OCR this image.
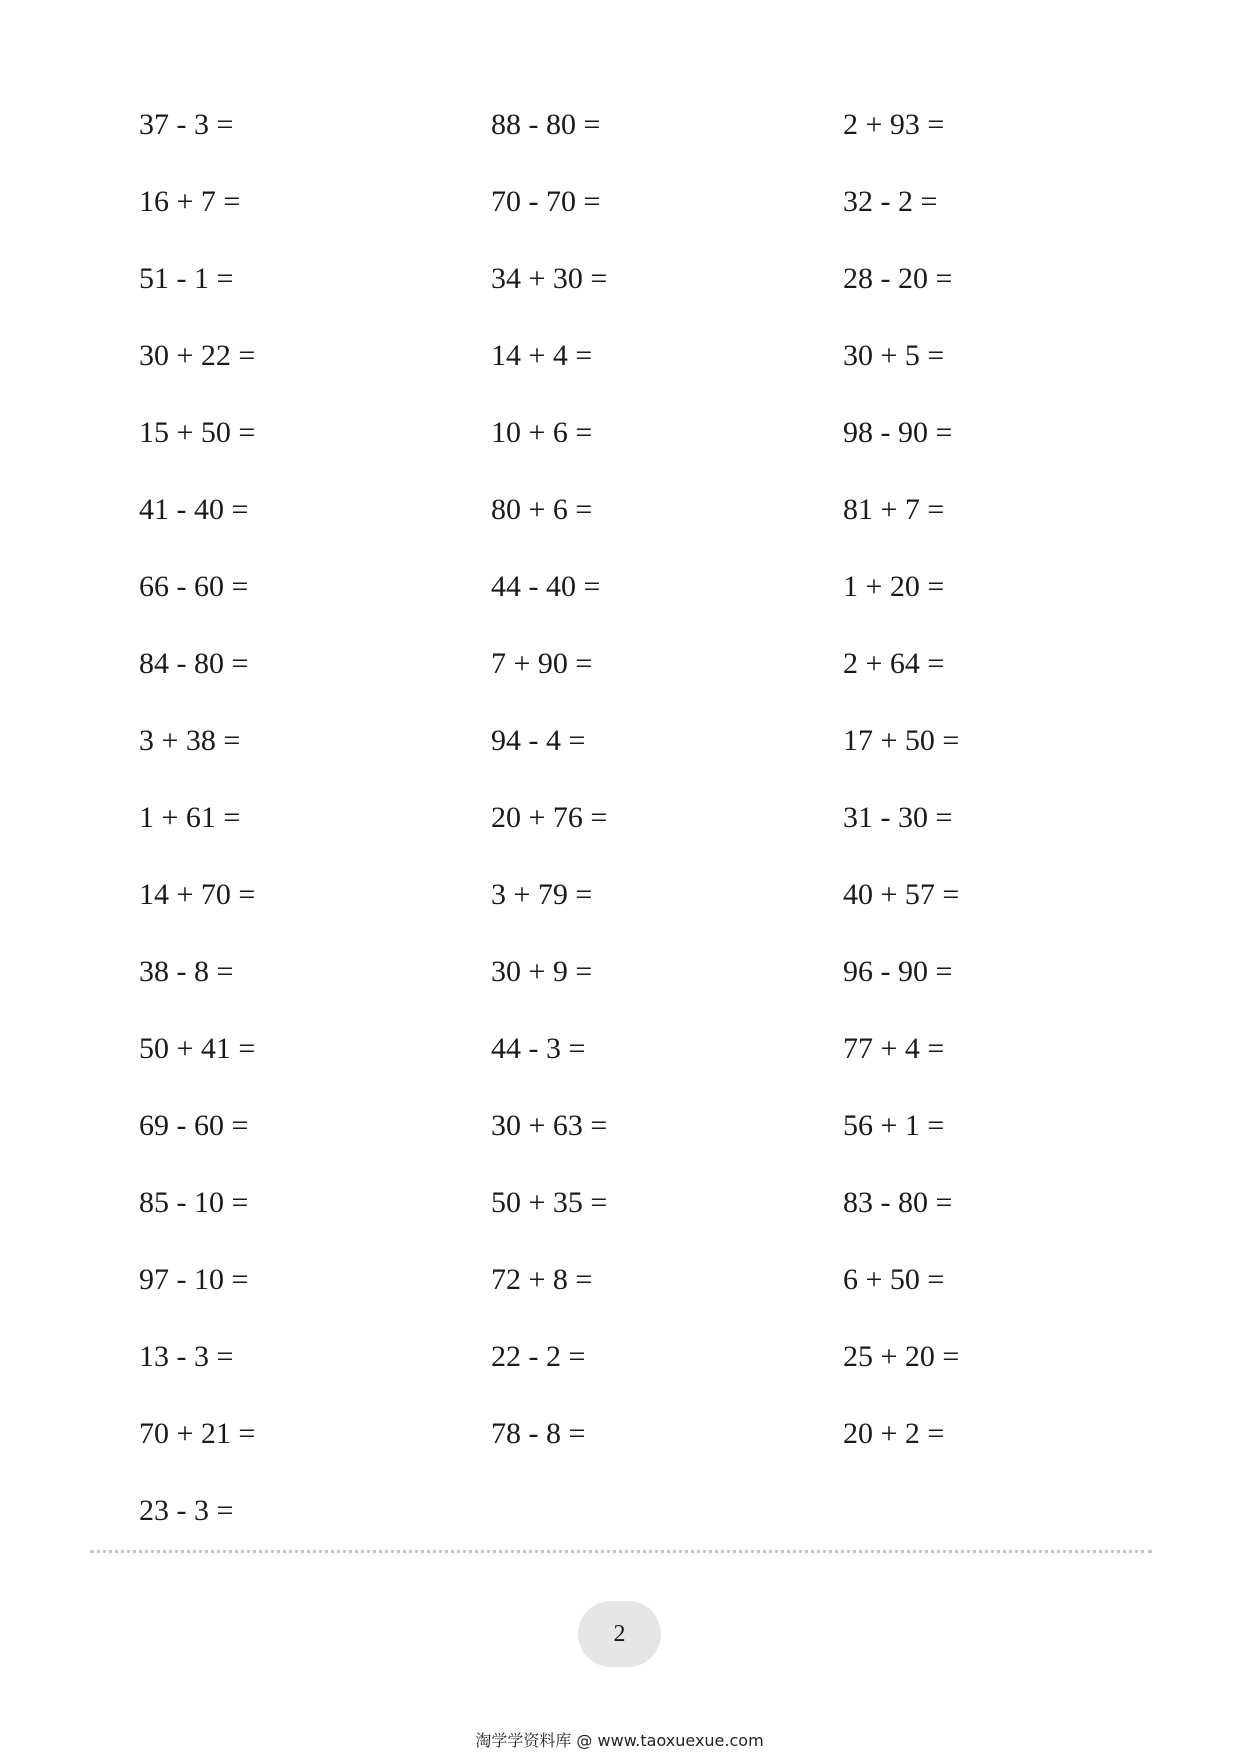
37 - 3 =
16 + 7 =
51 - 1 =
30 + 22 =
15 + 50 =
41 - 40 =
66 - 60 =
84 - 80 =
3 + 38 =
1 + 61 =
14 + 70 =
38 - 8 =
50 + 41 =
69 - 60 =
85 - 10 =
97 - 10 =
13 - 3 =
70 + 21 =
23 - 3 =
88 - 80 =
70 - 70 =
34 + 30 =
14 + 4 =
10 + 6 =
80 + 6 =
44 - 40 =
7 + 90 =
94 - 4 =
20 + 76 =
3 + 79 =
30 + 9 =
44 - 3 =
30 + 63 =
50 + 35 =
72 + 8 =
22 - 2 =
78 - 8 =
2 + 93 =
32 - 2 =
28 - 20 =
30 + 5 =
98 - 90 =
81 + 7 =
1 + 20 =
2 + 64 =
17 + 50 =
31 - 30 =
40 + 57 =
96 - 90 =
77 + 4 =
56 + 1 =
83 - 80 =
6 + 50 =
25 + 20 =
20 + 2 =
2
淘学学资料库 @ www.taoxuexue.com
